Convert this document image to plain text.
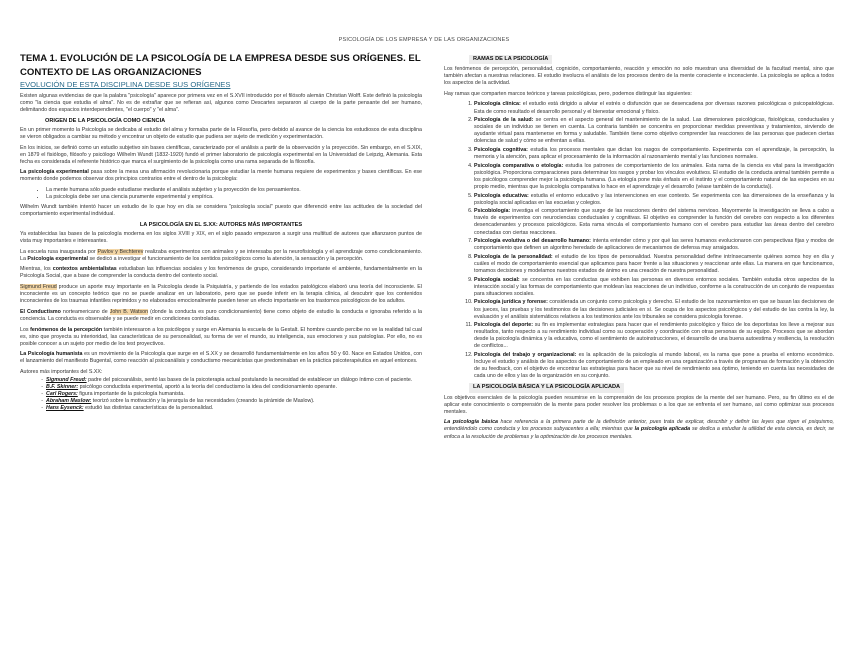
PSICOLOGÍA DE LOS EMPRESA Y DE LAS ORGANIZACIONES
TEMA 1. EVOLUCIÓN DE LA PSICOLOGÍA DE LA EMPRESA DESDE SUS ORÍGENES. EL CONTEXTO DE LAS ORGANIZACIONES
EVOLUCIÓN DE ESTA DISCIPLINA DESDE SUS ORÍGENES

Existen algunas evidencias de que la palabra "psicología" aparece por primera vez en el S.XVII introducido por el filósofo alemán Christian Wolff. Este definió la psicología como "la ciencia que estudia el alma". No es de extrañar que se refieran así, algunos como Descartes separaron al cuerpo de la parte pensante del ser humano, delimitando dos espacios interdependientes, "el cuerpo" y "el alma".

ORIGEN DE LA PSICOLOGÍA COMO CIENCIA

En un primer momento la Psicología se dedicaba al estudio del alma y formaba parte de la Filosofía, pero debido al avance de la ciencia los estudiosos de esta disciplina se vieron obligados a cambiar su método y encontrar un objeto de estudio que pudiera ser sujeto de medición y experimentación.

En los inicios, se definió como un estudio subjetivo sin bases científicas, caracterizado por el análisis a partir de la observación y la proyección. Sin embargo, en el S.XIX, en 1879 el fisiólogo, filósofo y psicólogo Wilhelm Wundt (1832-1920) fundó el primer laboratorio de psicología experimental en la Universidad de Leipzig, Alemania. Esta fecha es considerada el referente histórico que marca el surgimiento de la psicología como una rama separada de la filosofía.

La psicología experimental pasa sobre la mesa una afirmación revolucionaria porque estudiar la mente humana requiere de experimentos y bases científicas. En ese momento donde podemos observar dos principios contrarios entre el dentro de la psicología:

• La mente humana sólo puede estudiarse mediante el análisis subjetivo y la proyección de los pensamientos.
• La psicología debe ser una ciencia puramente experimental y empírica.

Wilhelm Wundt también intentó hacer un estudio de lo que hoy en día se considera "psicología social" puesto que diferenció entre las actitudes de la sociedad del comportamiento experimental individual.

LA PSICOLOGÍA EN EL S.XX: AUTORES MÁS IMPORTANTES

Ya establecidas las bases de la psicología moderna en los siglos XVIII y XIX, en el siglo pasado empezaron a surgir una multitud de autores que afianzaron puntos de vista muy importantes e interesantes.

La escuela rusa inaugurada por Pavlov y Bechterev realizaba experimentos con animales y se interesaba por la neurofisiología y el aprendizaje como condicionamiento. La Psicología experimental se dedicó a investigar el funcionamiento de los sentidos psicológicos como la atención, la sensación y la percepción.

Mientras, los contextos ambientalistas estudiaban las influencias sociales y los fenómenos de grupo, considerando importante el ambiente, fundamentalmente en la Psicología Social, que a base de comprender la conducta dentro del contexto social.

Sigmund Freud produce un aporte muy importante en la Psicología desde la Psiquiatría, y partiendo de los estados patológicos elaboró una teoría del inconsciente. El inconsciente es un concepto teórico que no se puede analizar en un laboratorio, pero que se puede inferir en la terapia clínica, al descubrir que los contenidos inconscientes de los traumas infantiles reprimidos y no elaborados emocionalmente pueden tener un efecto importante en los trastornos psicológicos de los adultos.

El Conductismo norteamericano de John B. Watson (donde la conducta es puro condicionamiento) tiene como objeto de estudio la conducta e ignoraba referido a la conciencia. La conducta es observable y se puede medir en condiciones controladas.

Los fenómenos de la percepción también interesaron a los psicólogos y surge en Alemania la escuela de la Gestalt. El hombre cuando percibe no ve la realidad tal cual es, sino que proyecta su interioridad, las características de su personalidad, su forma de ver el mundo, su inteligencia, sus emociones y sus patologías. Por ello, no es posible conocer a un sujeto por medio de los test proyectivos.

La Psicología humanista es un movimiento de la Psicología que surge en el S.XX y se desarrolló fundamentalmente en los años 50 y 60. Nace en Estados Unidos, con el lanzamiento del manifiesto Bugental, como reacción al psicoanálisis y conductismo mecanicistas que predominaban en la práctica psicoterapéutica en aquel entonces.

Autores más importantes del S.XX:

- Sigmund Freud: padre del psicoanálisis, sentó las bases de la psicoterapia actual postulando la necesidad de establecer un diálogo íntimo con el paciente.
- B.F. Skinner: psicólogo conductista experimental, aportó a la teoría del conductismo la idea del condicionamiento operante.
- Carl Rogers: figura importante de la psicología humanista.
- Abraham Maslow: teorizó sobre la motivación y la jerarquía de las necesidades (creando la pirámide de Maslow).
- Hans Eysenck: estudió las distintas características de la personalidad.
RAMAS DE LA PSICOLOGÍA

Los fenómenos de percepción, personalidad, cognición, comportamiento, reacción y emoción no solo muestran una diversidad de la facultad mental, sino que también afectan a nuestras relaciones. El estudio involucra el análisis de los procesos dentro de la mente consciente e inconsciente. La psicología se aplica a todos los aspectos de la actividad.

Hay ramas que comparten marcos teóricos y tareas psicológicas, pero, podemos distinguir las siguientes:

1. Psicología clínica: el estudio está dirigido a aliviar el estrés o disfunción que se desencadena por diversas razones psicológicas o psicopatológicas. Esta de como resultado el desarrollo personal y el bienestar emocional y físico.
2. Psicología de la salud: se centra en el aspecto general del mantenimiento de la salud. Las dimensiones psicológicas, fisiológicas, conductuales y sociales de un individuo se tienen en cuenta. La contraria también se concentra en proporcionar medidas preventivas y tratamientos, sirviendo de ayudante virtual para mantenerse en forma y saludable. También tiene como objetivo comprender las reacciones de las personas que padecen ciertas dolencias de salud y cómo se enfrentan a ellas.
3. Psicología cognitiva: estudia los procesos mentales que dictan los rasgos de comportamiento. Experimenta con el aprendizaje, la percepción, la memoria y la atención, para aplicar el procesamiento de la información al razonamiento mental y las funciones normales.
4. Psicología comparativa o etología: estudia los patrones de comportamiento de los animales. Esta rama de la ciencia es vital para la investigación psicológica. Proporciona comparaciones para determinar los rasgos y probar los vínculos evolutivos. El estudio de la conducta animal también permite a los psicólogos comprender mejor la psicología humana. (La etología pone más énfasis en el instinto y el comportamiento natural de las especies en su propio medio, mientras que la psicología comparativa lo hace en el aprendizaje y el desarrollo (véase también de la conducta)).
5. Psicología educativa: estudia el entorno educativo y las intervenciones en ese contexto. Se experimenta con las dimensiones de la enseñanza y la psicología social aplicadas en las escuelas y colegios.
6. Psicobiología: investiga el comportamiento que surge de las reacciones dentro del sistema nervioso. Mayormente la investigación se lleva a cabo a través de experimentos con neurociencias conductuales y cognitivas. El objetivo es comprender la función del cerebro con respecto a los diferentes desencadenantes y procesos psicológicos. Esta rama vincula el comportamiento humano con el cerebro para estudiar las áreas dentro del cerebro conectadas con ciertas reacciones.
7. Psicología evolutiva o del desarrollo humano: intenta entender cómo y por qué las seres humanos evolucionaron con perspectivas fijas y modos de comportamiento que definen un algoritmo heredado de aplicaciones de mecanismos de defensa muy arraigados.
8. Psicología de la personalidad: el estudio de los tipos de personalidad. Nuestra personalidad define intrínsecamente quiénes somos hoy en día y cuáles el modo de comportamiento esencial que aplicamos para hacer frente a las situaciones y reaccionar ante ellas. La manera en que funcionamos, tomamos decisiones y modelamos nuestros estados de ánimo es una creación de nuestra personalidad.
9. Psicología social: se concentra en las conductas que exhiben las personas en diversos entornos sociales. También estudia otros aspectos de la interacción social y las formas de comportamiento que moldean las reacciones de un individuo, conforme a la construcción de un conjunto de respuestas para situaciones sociales.
10. Psicología jurídica y forense: considerada un conjunto como psicología y derecho. El estudio de los razonamientos en que se basan las decisiones de los jueces, las pruebas y los testimonios de las decisiones judiciales en sí. Se ocupa de los aspectos psicológicos y del estudio de las contra la ley, la evaluación y el análisis sistemáticos relativos a los testimonios ante los tribunales se considera psicología forense.
11. Psicología del deporte: su fin es implementar estrategias para hacer que el rendimiento psicológico y físico de los deportistas los lleve a mejorar sus resultados, tanto respecto a su rendimiento individual como su cooperación y coordinación con otras personas de su equipo. Procesos que se abordan desde la psicología dinámica y la educativa, como el sentimiento de autoinstrucciones, el desarrollo de una buena autoestima y resiliencia, la resolución de conflictos...
12. Psicología del trabajo y organizacional: es la aplicación de la psicología al mundo laboral, es la rama que pone a prueba el entorno económico. Incluye el estudio y análisis de los aspectos de comportamiento de un empleado en una organización a través de programas de formación y la obtención de su feedback, con el objetivo de encontrar las estrategias para hacer que su nivel de rendimiento sea óptimo, teniendo en cuenta las necesidades de cada uno de ellos y las de la organización en su conjunto.
LA PSICOLOGÍA BÁSICA Y LA PSICOLOGÍA APLICADA

Los objetivos esenciales de la psicología pueden resumirse en la comprensión de los procesos propios de la mente del ser humano. Pero, su fin último es el de aplicar este conocimiento o comprensión de la mente para poder resolver los problemas o a los que se enfrenta el ser humano, así como optimizar sus procesos mentales.

La psicología básica hace referencia a la primera parte de la definición anterior, pues trata de explicar, describir y definir las leyes que rigen el psiquismo, entendiéndolo como conducta y los procesos subyacentes a ella; mientras que la psicología aplicada se dedica a estudiar la utilidad de esta ciencia, es decir, se enfoca a la resolución de problemas y la optimización de los procesos mentales.
